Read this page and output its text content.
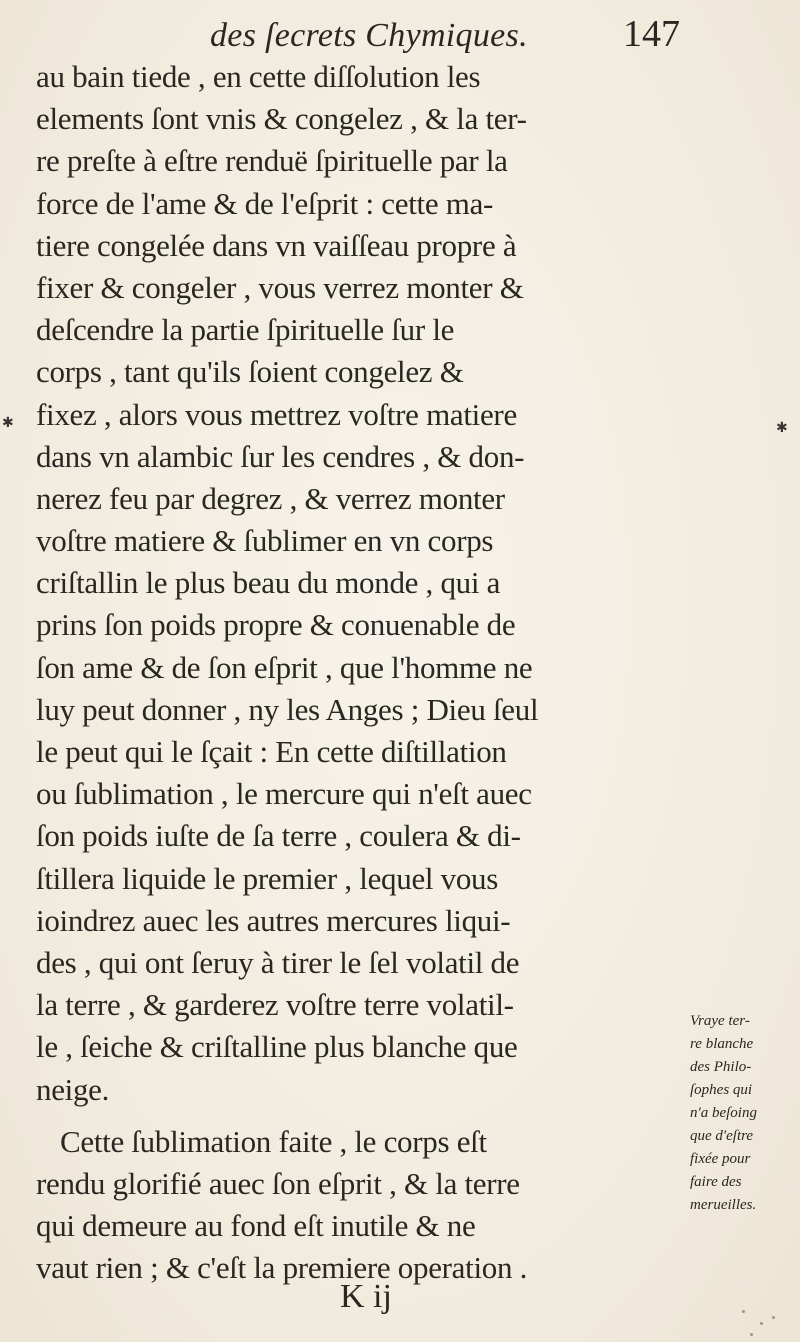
des ſecrets Chymiques.	147
au bain tiede , en cette diſſolution les
elements ſont vnis & congelez , & la ter-
re preſte à eſtre renduë ſpirituelle par la
force de l'ame & de l'eſprit : cette ma-
tiere congelée dans vn vaiſſeau propre à
fixer & congeler , vous verrez monter &
deſcendre la partie ſpirituelle ſur le
corps , tant qu'ils ſoient congelez &
fixez , alors vous mettrez voſtre matiere
dans vn alambic ſur les cendres , & don-
nerez feu par degrez , & verrez monter
voſtre matiere & ſublimer en vn corps
criſtallin le plus beau du monde , qui a
prins ſon poids propre & conuenable de
ſon ame & de ſon eſprit , que l'homme ne
luy peut donner , ny les Anges ; Dieu ſeul
le peut qui le ſçait : En cette diſtillation
ou ſublimation , le mercure qui n'eſt auec
ſon poids iuſte de ſa terre , coulera & di-
ſtillera liquide le premier , lequel vous
ioindrez auec les autres mercures liqui-
des , qui ont ſeruy à tirer le ſel volatil de
la terre , & garderez voſtre terre volatil-
le , ſeiche & criſtalline plus blanche que
neige.
Cette ſublimation faite , le corps eſt
rendu glorifié auec ſon eſprit , & la terre
qui demeure au fond eſt inutile & ne
vaut rien ; & c'eſt la premiere operation .
K ij
Vraye ter-
re blanche
des Philo-
ſophes qui
n'a beſoing
que d'eſtre
fixée pour
faire des
merueilles.
✱	✱
